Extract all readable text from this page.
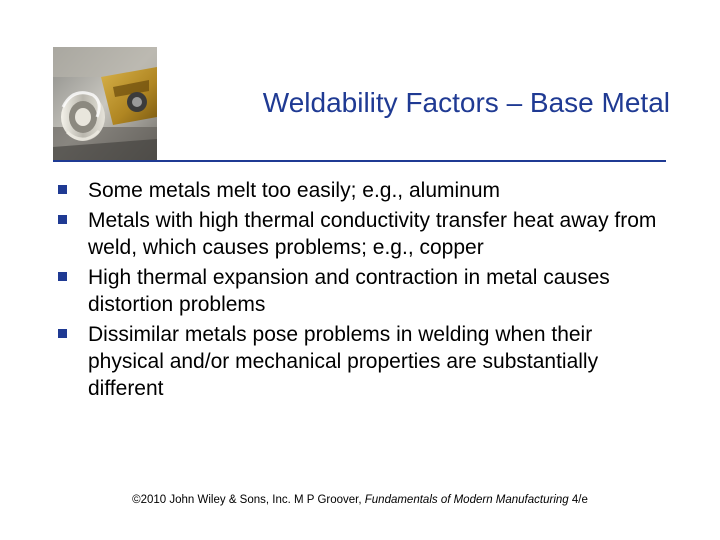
Weldability Factors – Base Metal
Some metals melt too easily; e.g., aluminum
Metals with high thermal conductivity transfer heat away from weld, which causes problems; e.g., copper
High thermal expansion and contraction in metal causes distortion problems
Dissimilar metals pose problems in welding when their physical and/or mechanical properties are substantially different
©2010 John Wiley & Sons, Inc. M P Groover, Fundamentals of Modern Manufacturing 4/e
